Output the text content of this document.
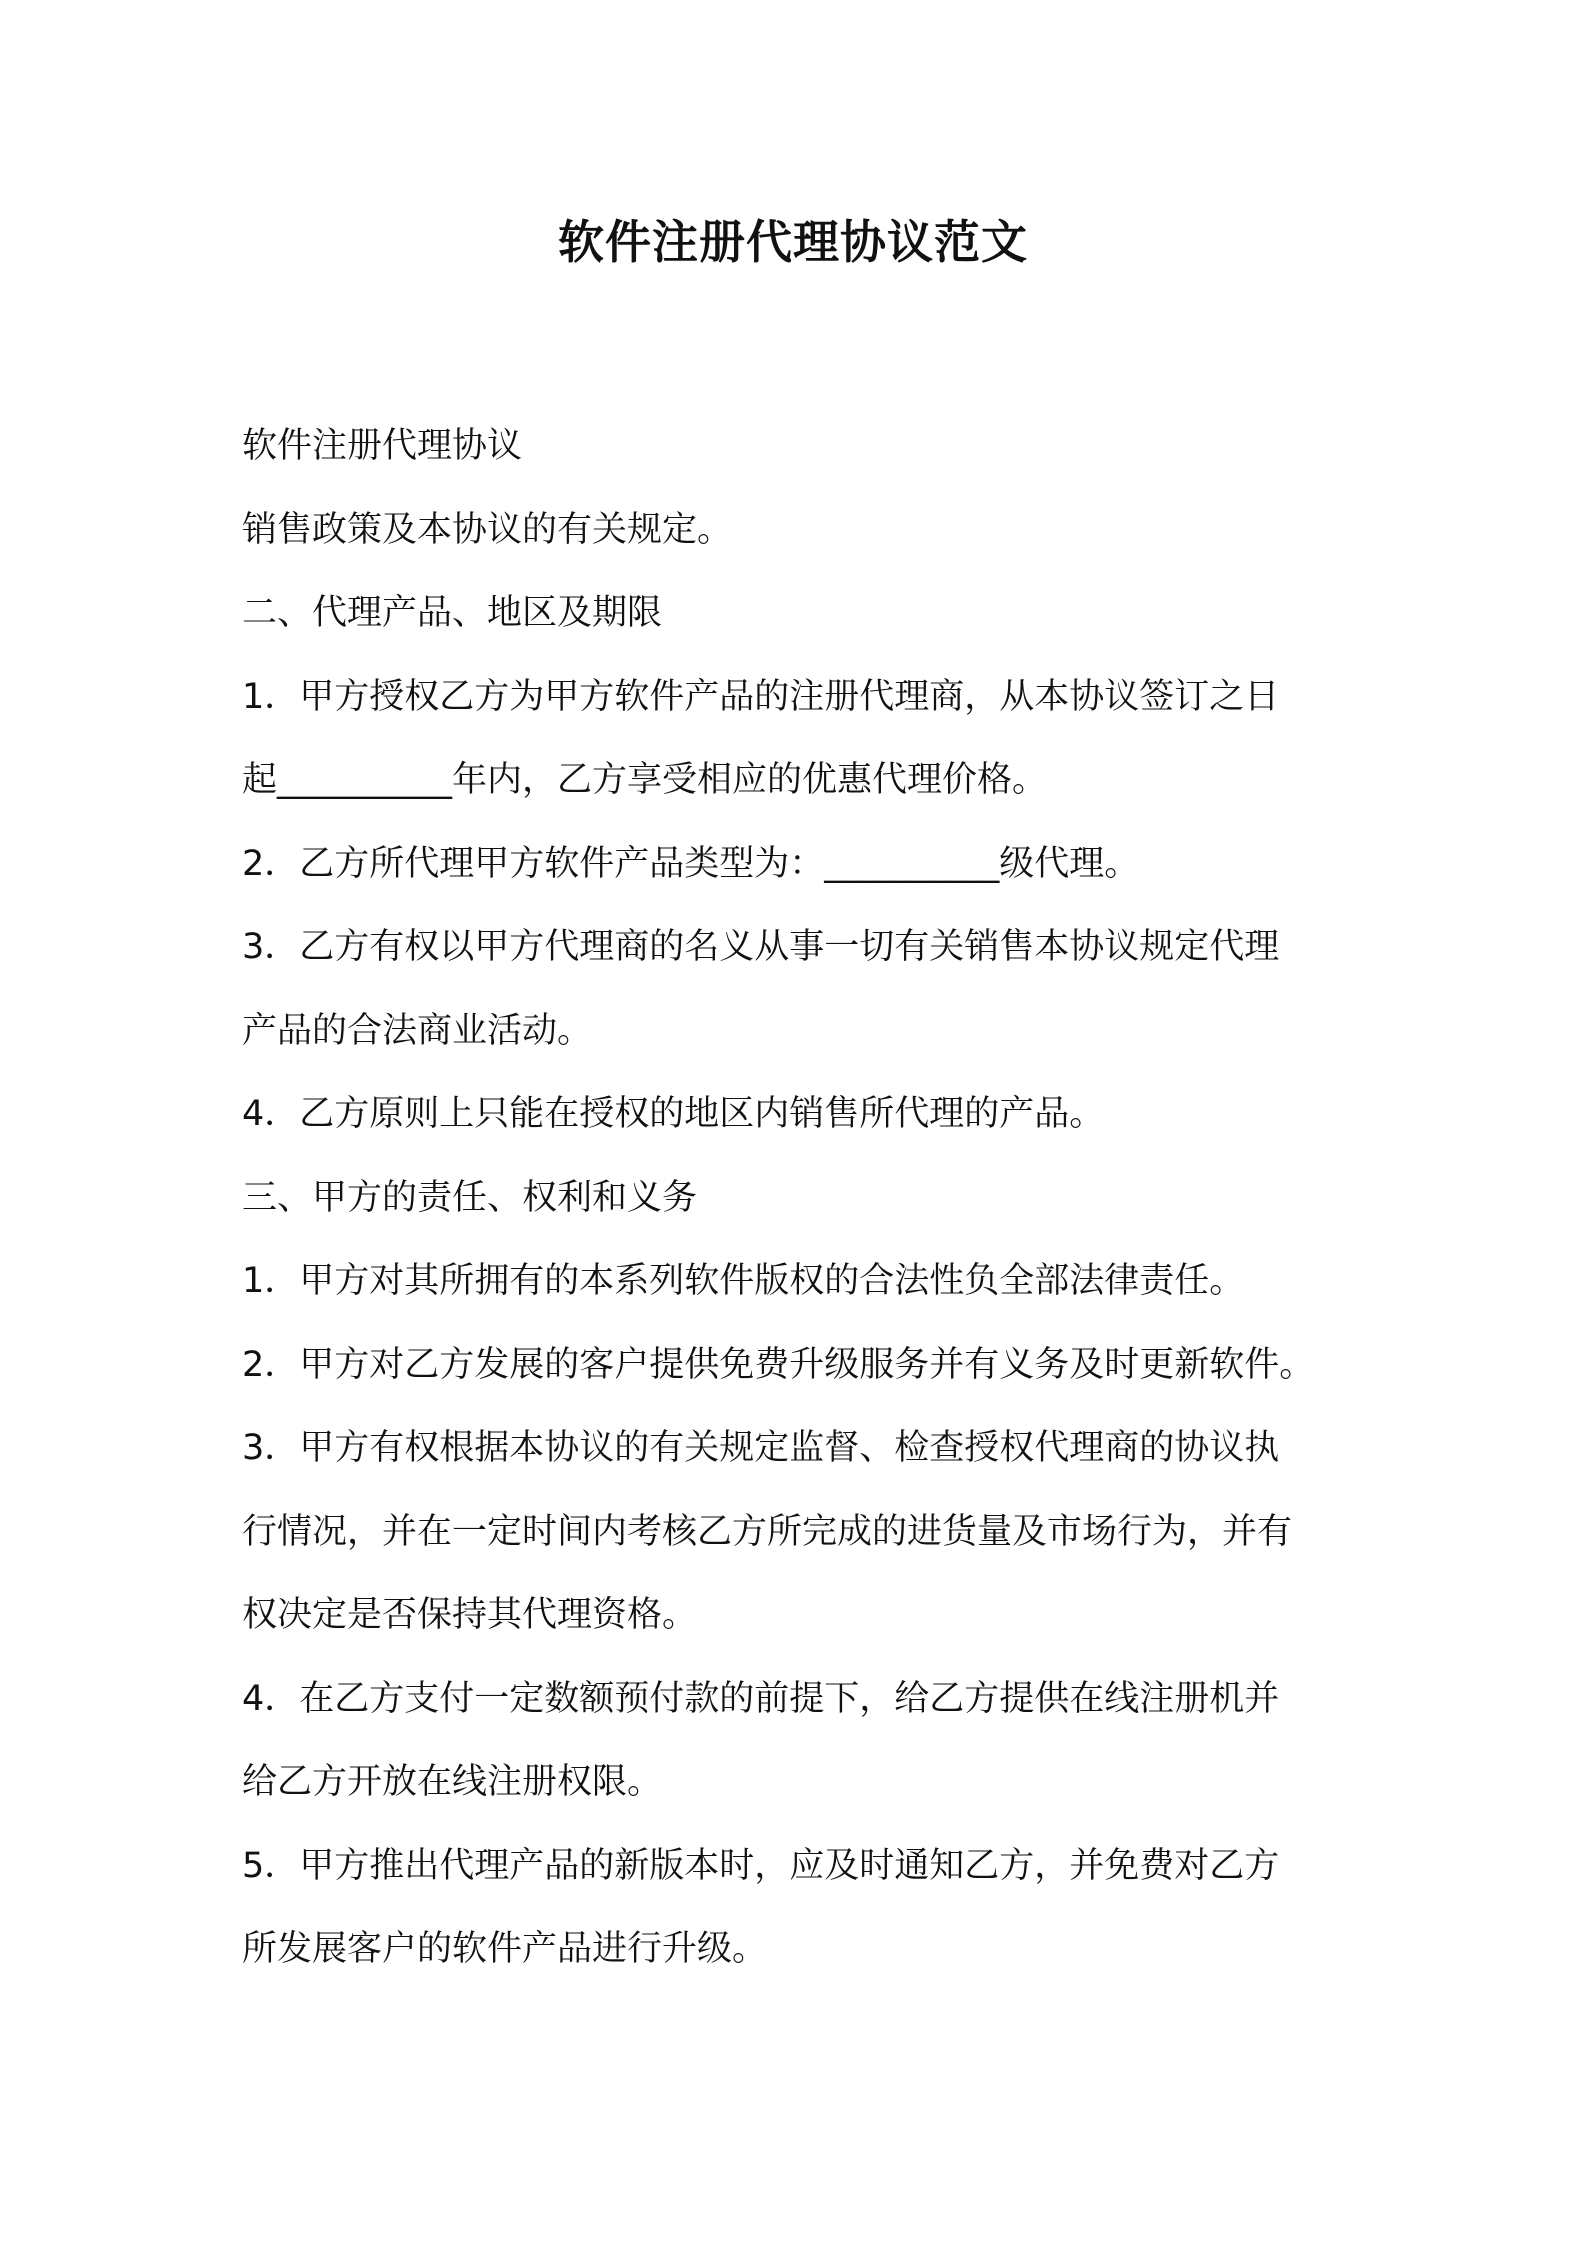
软件注册代理协议范文
软件注册代理协议
销售政策及本协议的有关规定。
二、代理产品、地区及期限
1．甲方授权乙方为甲方软件产品的注册代理商，从本协议签订之日
起__________年内，乙方享受相应的优惠代理价格。
2．乙方所代理甲方软件产品类型为：__________级代理。
3．乙方有权以甲方代理商的名义从事一切有关销售本协议规定代理
产品的合法商业活动。
4．乙方原则上只能在授权的地区内销售所代理的产品。
三、甲方的责任、权利和义务
1．甲方对其所拥有的本系列软件版权的合法性负全部法律责任。
2．甲方对乙方发展的客户提供免费升级服务并有义务及时更新软件。
3．甲方有权根据本协议的有关规定监督、检查授权代理商的协议执
行情况，并在一定时间内考核乙方所完成的进货量及市场行为，并有
权决定是否保持其代理资格。
4．在乙方支付一定数额预付款的前提下，给乙方提供在线注册机并
给乙方开放在线注册权限。
5．甲方推出代理产品的新版本时，应及时通知乙方，并免费对乙方
所发展客户的软件产品进行升级。
